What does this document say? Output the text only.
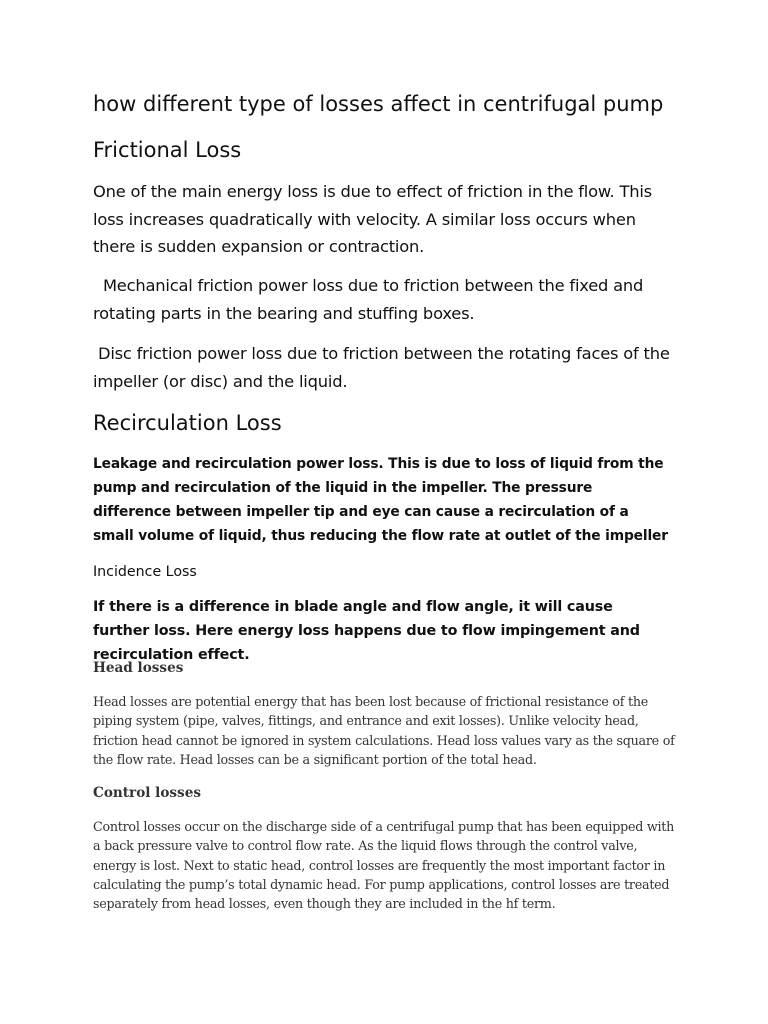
how different type of losses affect in centrifugal pump
Frictional Loss

One of the main energy loss is due to effect of friction in the flow. This loss increases quadratically with velocity. A similar loss occurs when there is sudden expansion or contraction.

Mechanical friction power loss due to friction between the fixed and rotating parts in the bearing and stuffing boxes.

Disc friction power loss due to friction between the rotating faces of the impeller (or disc) and the liquid.

Recirculation Loss

Leakage and recirculation power loss. This is due to loss of liquid from the pump and recirculation of the liquid in the impeller. The pressure difference between impeller tip and eye can cause a recirculation of a small volume of liquid, thus reducing the flow rate at outlet of the impeller

Incidence Loss

If there is a difference in blade angle and flow angle, it will cause further loss. Here energy loss happens due to flow impingement and recirculation effect.

Head losses

Head losses are potential energy that has been lost because of frictional resistance of the piping system (pipe, valves, fittings, and entrance and exit losses). Unlike velocity head, friction head cannot be ignored in system calculations. Head loss values vary as the square of the flow rate. Head losses can be a significant portion of the total head.

Control losses

Control losses occur on the discharge side of a centrifugal pump that has been equipped with a back pressure valve to control flow rate. As the liquid flows through the control valve, energy is lost. Next to static head, control losses are frequently the most important factor in calculating the pump’s total dynamic head. For pump applications, control losses are treated separately from head losses, even though they are included in the hf term.
